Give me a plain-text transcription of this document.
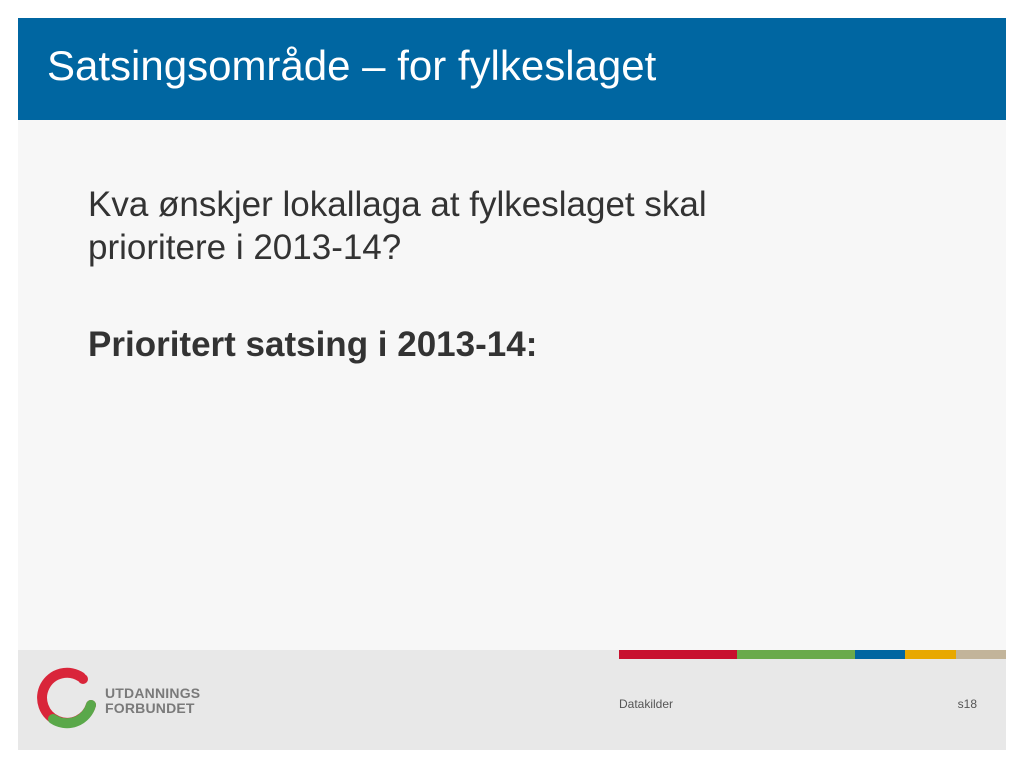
Satsingsområde – for fylkeslaget

Kva ønskjer lokallaga at fylkeslaget skal prioritere i 2013-14?

Prioritert satsing i 2013-14:

UTDANNINGS
FORBUNDET	Datakilder	s18
